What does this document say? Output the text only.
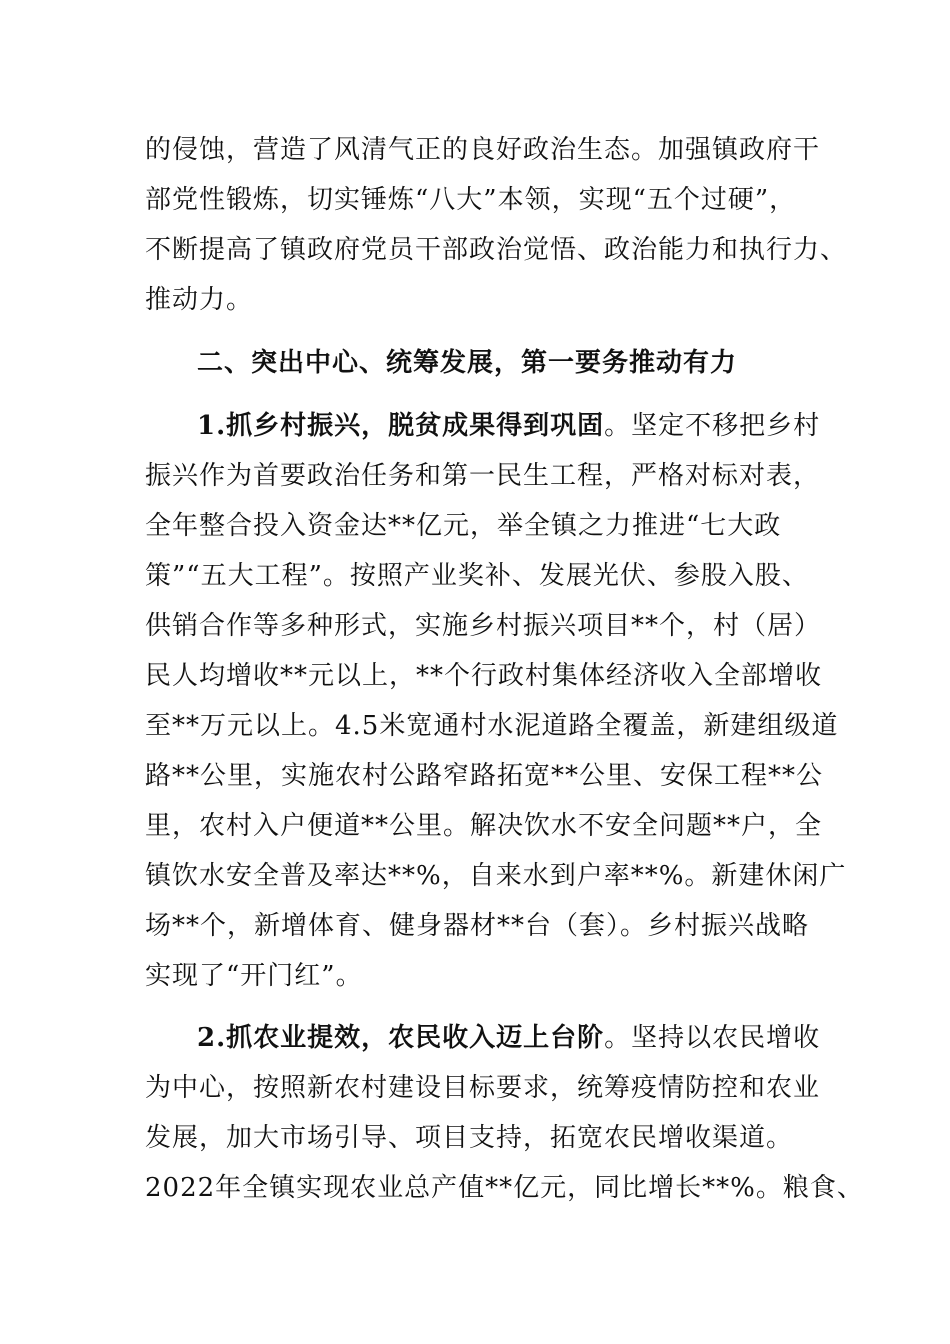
的侵蚀，营造了风清气正的良好政治生态。加强镇政府干
部党性锻炼，切实锤炼“八大”本领，实现“五个过硬”，
不断提高了镇政府党员干部政治觉悟、政治能力和执行力、
推动力。
二、突出中心、统筹发展，第一要务推动有力
1.抓乡村振兴，脱贫成果得到巩固。坚定不移把乡村
振兴作为首要政治任务和第一民生工程，严格对标对表，
全年整合投入资金达**亿元，举全镇之力推进“七大政
策”“五大工程”。按照产业奖补、发展光伏、参股入股、
供销合作等多种形式，实施乡村振兴项目**个，村（居）
民人均增收**元以上，**个行政村集体经济收入全部增收
至**万元以上。4.5米宽通村水泥道路全覆盖，新建组级道
路**公里，实施农村公路窄路拓宽**公里、安保工程**公
里，农村入户便道**公里。解决饮水不安全问题**户，全
镇饮水安全普及率达**%，自来水到户率**%。新建休闲广
场**个，新增体育、健身器材**台（套）。乡村振兴战略
实现了“开门红”。
2.抓农业提效，农民收入迈上台阶。坚持以农民增收
为中心，按照新农村建设目标要求，统筹疫情防控和农业
发展，加大市场引导、项目支持，拓宽农民增收渠道。
2022年全镇实现农业总产值**亿元，同比增长**%。粮食、
